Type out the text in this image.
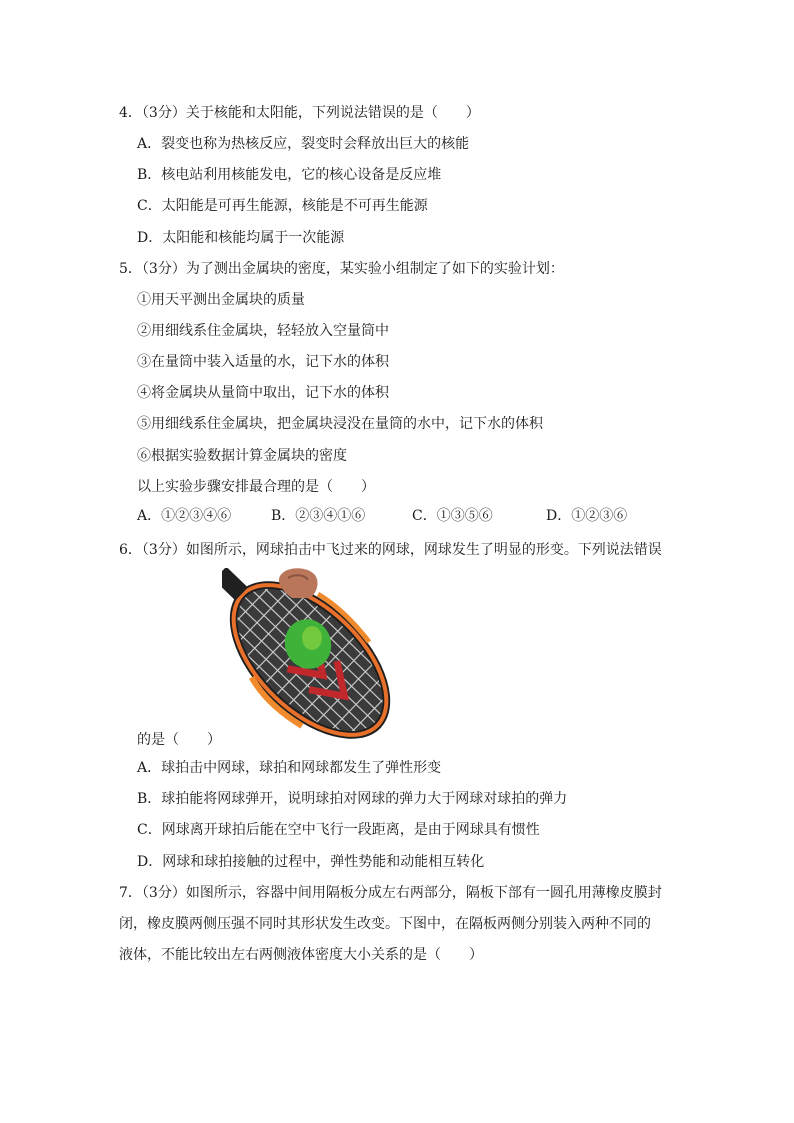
4．（3分）关于核能和太阳能，下列说法错误的是（　　）
A．裂变也称为热核反应，裂变时会释放出巨大的核能
B．核电站利用核能发电，它的核心设备是反应堆
C．太阳能是可再生能源，核能是不可再生能源
D．太阳能和核能均属于一次能源
5．（3分）为了测出金属块的密度，某实验小组制定了如下的实验计划：
①用天平测出金属块的质量
②用细线系住金属块，轻轻放入空量筒中
③在量筒中装入适量的水，记下水的体积
④将金属块从量筒中取出，记下水的体积
⑤用细线系住金属块，把金属块浸没在量筒的水中，记下水的体积
⑥根据实验数据计算金属块的密度
以上实验步骤安排最合理的是（　　）
A．①②③④⑥	B．②③④①⑥	C．①③⑤⑥	D．①②③⑥
6．（3分）如图所示，网球拍击中飞过来的网球，网球发生了明显的形变。下列说法错误
的是（　　）
A．球拍击中网球，球拍和网球都发生了弹性形变
B．球拍能将网球弹开，说明球拍对网球的弹力大于网球对球拍的弹力
C．网球离开球拍后能在空中飞行一段距离，是由于网球具有惯性
D．网球和球拍接触的过程中，弹性势能和动能相互转化
7．（3分）如图所示，容器中间用隔板分成左右两部分，隔板下部有一圆孔用薄橡皮膜封
闭，橡皮膜两侧压强不同时其形状发生改变。下图中，在隔板两侧分别装入两种不同的
液体，不能比较出左右两侧液体密度大小关系的是（　　）
